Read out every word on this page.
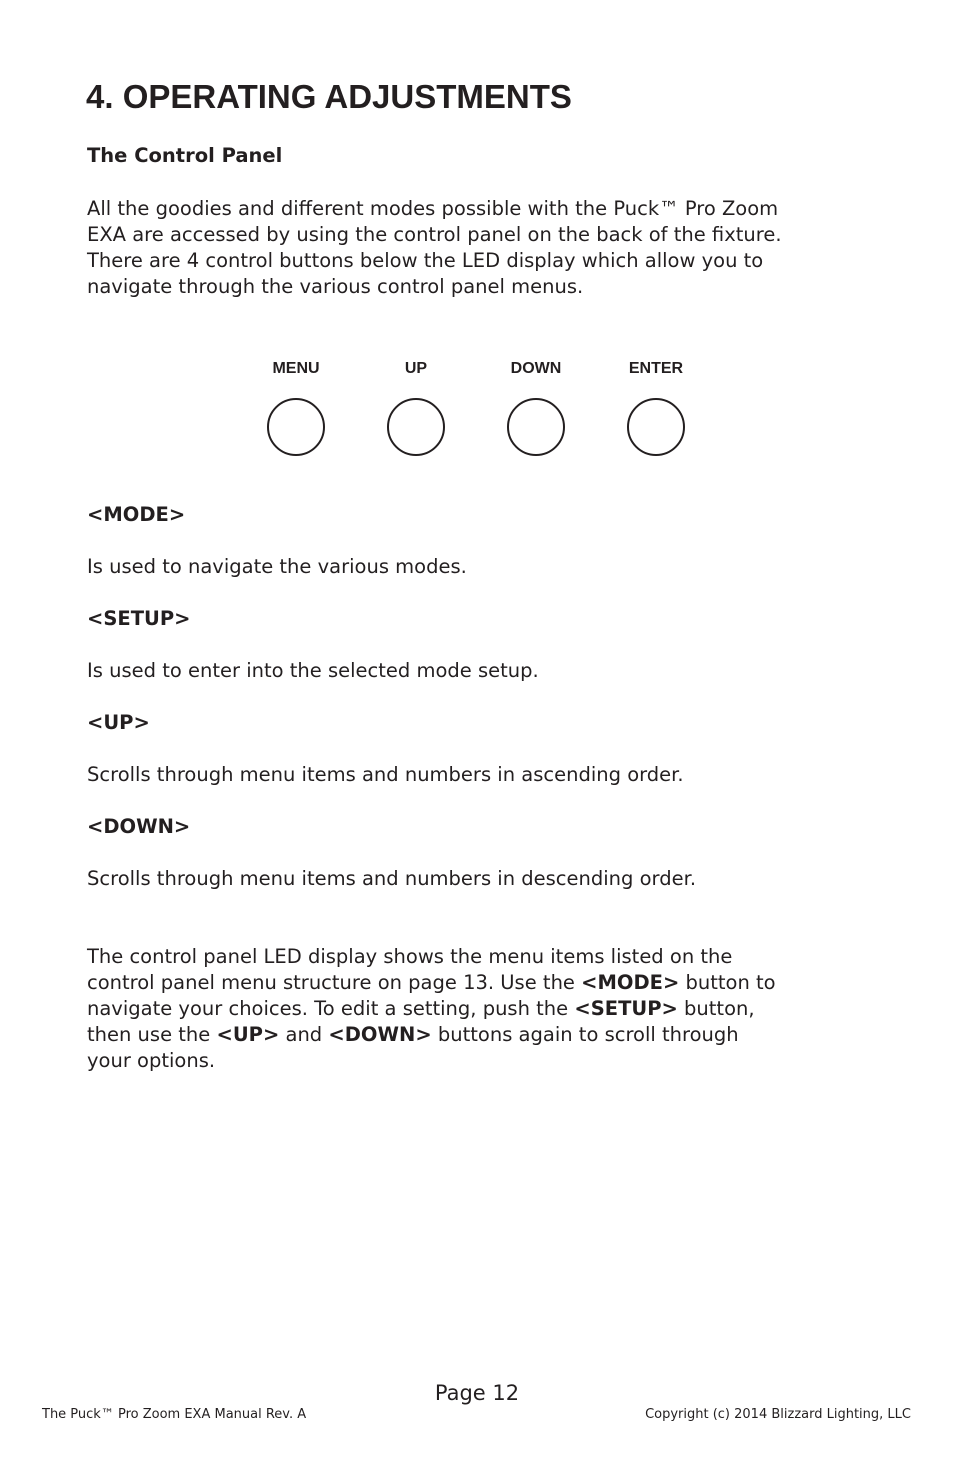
4. OPERATING ADJUSTMENTS
The Control Panel
All the goodies and different modes possible with the Puck™ Pro Zoom
EXA are accessed by using the control panel on the back of the fixture.
There are 4 control buttons below the LED display which allow you to
navigate through the various control panel menus.
MENU	UP	DOWN	ENTER
<MODE>

Is used to navigate the various modes.

<SETUP>

Is used to enter into the selected mode setup.

<UP>

Scrolls through menu items and numbers in ascending order.

<DOWN>

Scrolls through menu items and numbers in descending order.

The control panel LED display shows the menu items listed on the
control panel menu structure on page 13. Use the <MODE> button to
navigate your choices. To edit a setting, push the <SETUP> button,
then use the <UP> and <DOWN> buttons again to scroll through
your options.
Page 12
The Puck™ Pro Zoom EXA Manual Rev. A	Copyright (c) 2014 Blizzard Lighting, LLC
